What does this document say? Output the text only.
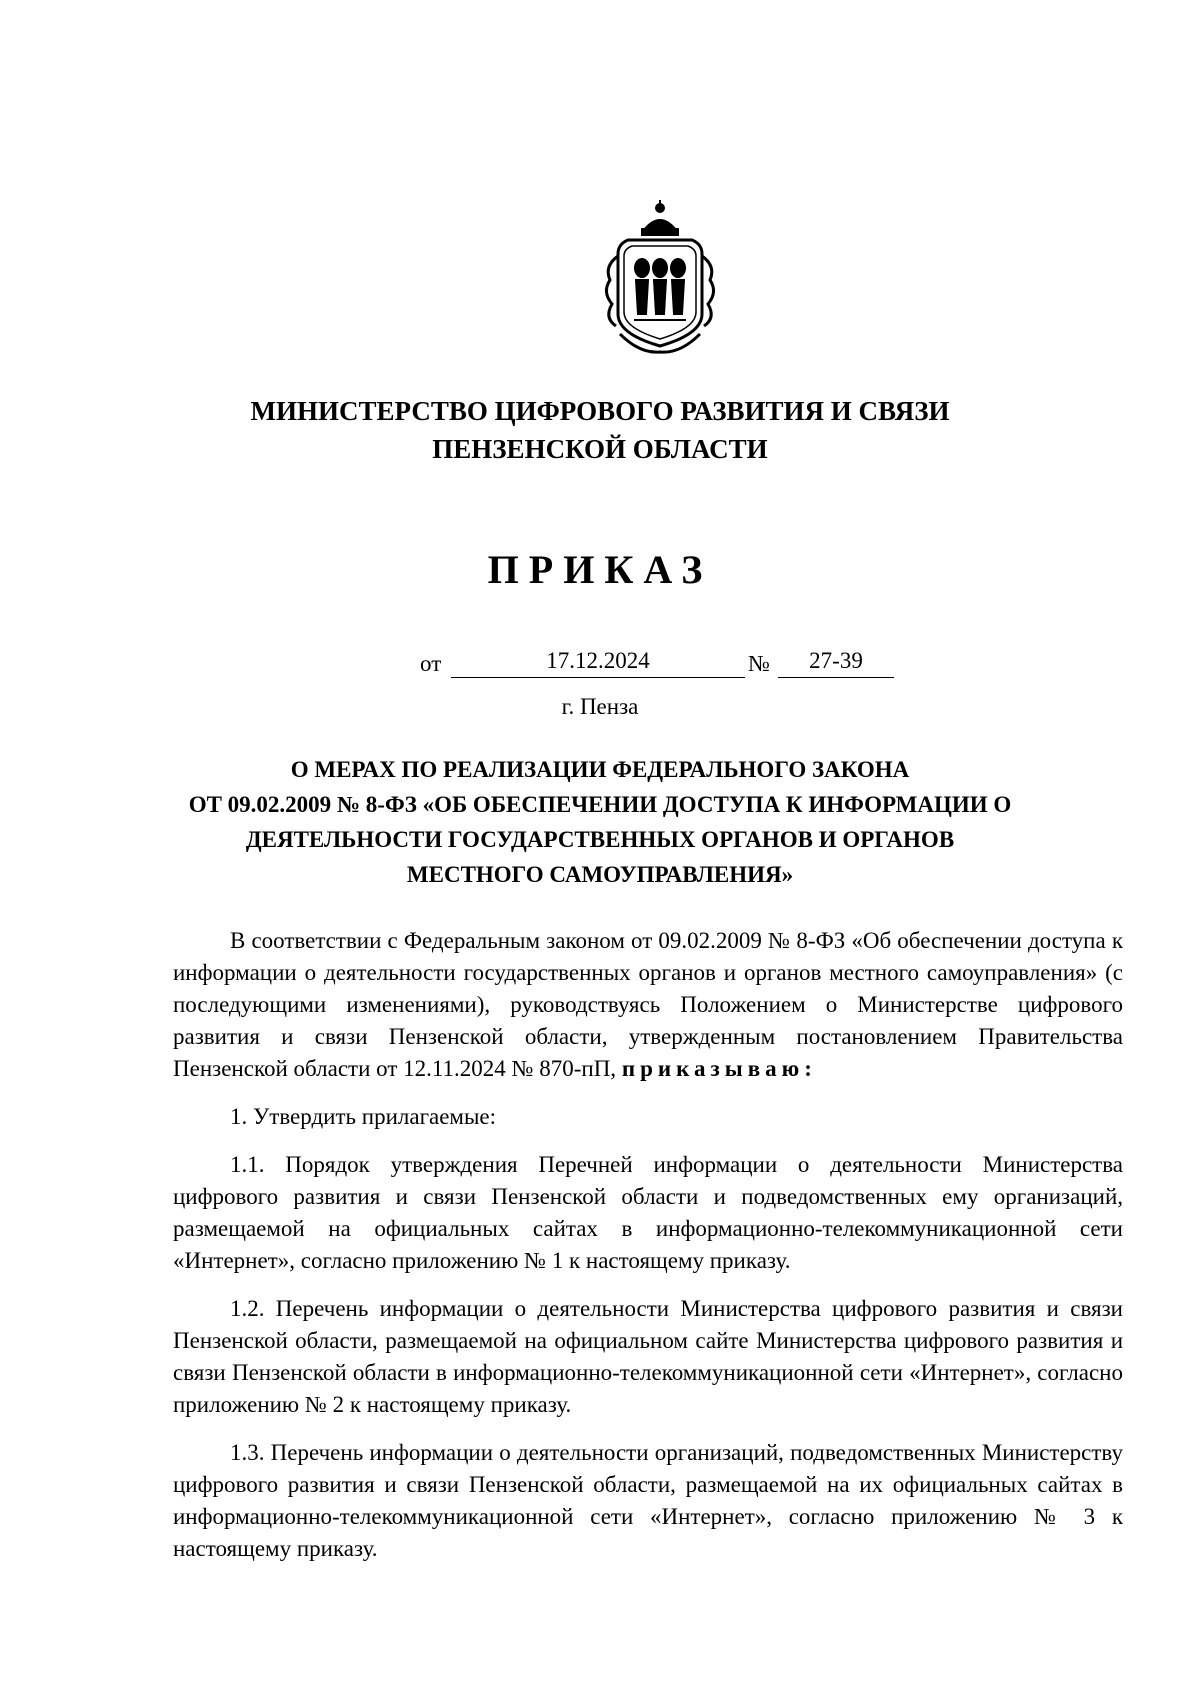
МИНИСТЕРСТВО ЦИФРОВОГО РАЗВИТИЯ И СВЯЗИ
ПЕНЗЕНСКОЙ ОБЛАСТИ
ПРИКАЗ
от	17.12.2024	№	27-39
г. Пенза
О МЕРАХ ПО РЕАЛИЗАЦИИ ФЕДЕРАЛЬНОГО ЗАКОНА
ОТ 09.02.2009 № 8-ФЗ «ОБ ОБЕСПЕЧЕНИИ ДОСТУПА К ИНФОРМАЦИИ О
ДЕЯТЕЛЬНОСТИ ГОСУДАРСТВЕННЫХ ОРГАНОВ И ОРГАНОВ
МЕСТНОГО САМОУПРАВЛЕНИЯ»

В соответствии с Федеральным законом от 09.02.2009 № 8-ФЗ «Об обеспечении доступа к информации о деятельности государственных органов и органов местного самоуправления» (с последующими изменениями), руководствуясь Положением о Министерстве цифрового развития и связи Пензенской области, утвержденным постановлением Правительства Пензенской области от 12.11.2024 № 870-пП, приказываю:

1. Утвердить прилагаемые:

1.1. Порядок утверждения Перечней информации о деятельности Министерства цифрового развития и связи Пензенской области и подведомственных ему организаций, размещаемой на официальных сайтах в информационно-телекоммуникационной сети «Интернет», согласно приложению № 1 к настоящему приказу.

1.2. Перечень информации о деятельности Министерства цифрового развития и связи Пензенской области, размещаемой на официальном сайте Министерства цифрового развития и связи Пензенской области в информационно-телекоммуникационной сети «Интернет», согласно приложению № 2 к настоящему приказу.

1.3. Перечень информации о деятельности организаций, подведомственных Министерству цифрового развития и связи Пензенской области, размещаемой на их официальных сайтах в информационно-телекоммуникационной сети «Интернет», согласно приложению № 3 к настоящему приказу.
